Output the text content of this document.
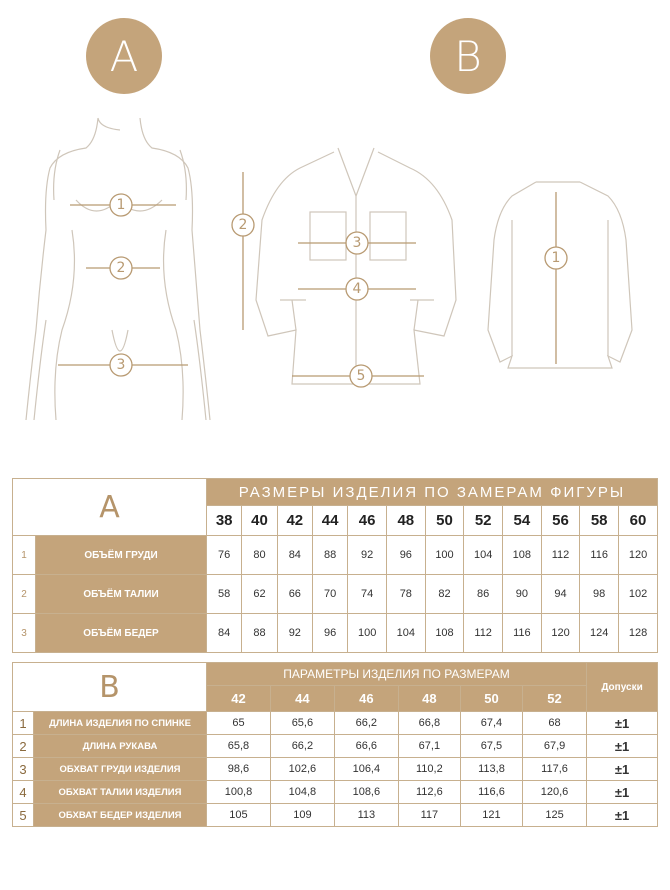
A	B
1
2
3
2
3
4
5
1
A		РАЗМЕРЫ ИЗДЕЛИЯ ПО ЗАМЕРАМ ФИГУРЫ											
		38	40	42	44	46	48	50	52	54	56	58	60
1	ОБЪЁМ ГРУДИ	76	80	84	88	92	96	100	104	108	112	116	120
2	ОБЪЁМ ТАЛИИ	58	62	66	70	74	78	82	86	90	94	98	102
3	ОБЪЁМ БЕДЕР	84	88	92	96	100	104	108	112	116	120	124	128
B		ПАРАМЕТРЫ ИЗДЕЛИЯ ПО РАЗМЕРАМ						Допуски
		42	44	46	48	50	52	
1	ДЛИНА ИЗДЕЛИЯ ПО СПИНКЕ	65	65,6	66,2	66,8	67,4	68	±1
2	ДЛИНА РУКАВА	65,8	66,2	66,6	67,1	67,5	67,9	±1
3	ОБХВАТ ГРУДИ ИЗДЕЛИЯ	98,6	102,6	106,4	110,2	113,8	117,6	±1
4	ОБХВАТ ТАЛИИ ИЗДЕЛИЯ	100,8	104,8	108,6	112,6	116,6	120,6	±1
5	ОБХВАТ БЕДЕР ИЗДЕЛИЯ	105	109	113	117	121	125	±1
